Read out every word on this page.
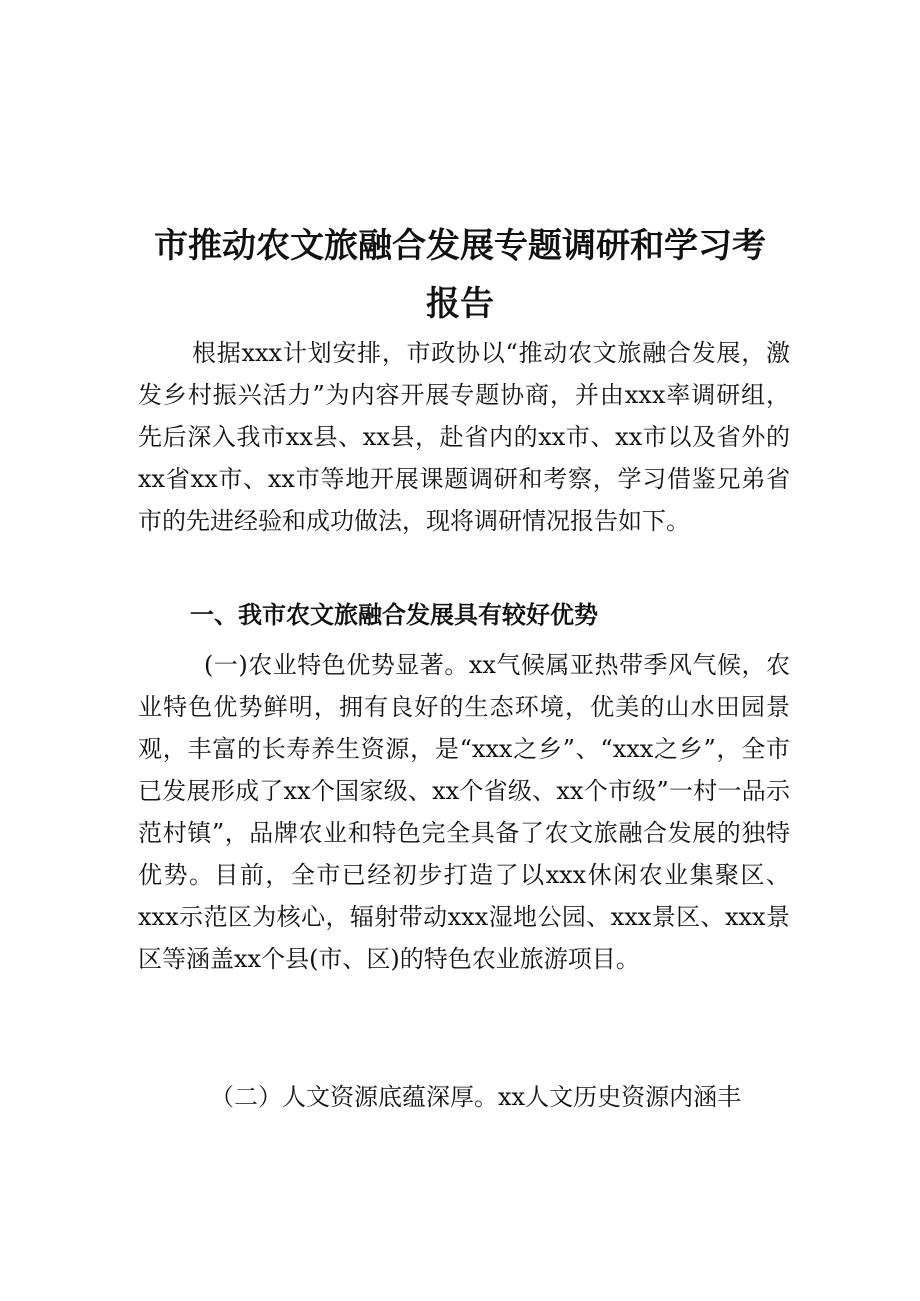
市推动农文旅融合发展专题调研和学习考
报告

根据xxx计划安排，市政协以“推动农文旅融合发展，激发乡村振兴活力”为内容开展专题协商，并由xxx率调研组，先后深入我市xx县、xx县，赴省内的xx市、xx市以及省外的xx省xx市、xx市等地开展课题调研和考察，学习借鉴兄弟省市的先进经验和成功做法，现将调研情况报告如下。

一、我市农文旅融合发展具有较好优势

(一)农业特色优势显著。xx气候属亚热带季风气候，农业特色优势鲜明，拥有良好的生态环境，优美的山水田园景观，丰富的长寿养生资源，是“xxx之乡”、“xxx之乡”，全市已发展形成了xx个国家级、xx个省级、xx个市级”一村一品示范村镇”，品牌农业和特色完全具备了农文旅融合发展的独特优势。目前，全市已经初步打造了以xxx休闲农业集聚区、xxx示范区为核心，辐射带动xxx湿地公园、xxx景区、xxx景区等涵盖xx个县(市、区)的特色农业旅游项目。

（二）人文资源底蕴深厚。xx人文历史资源内涵丰
